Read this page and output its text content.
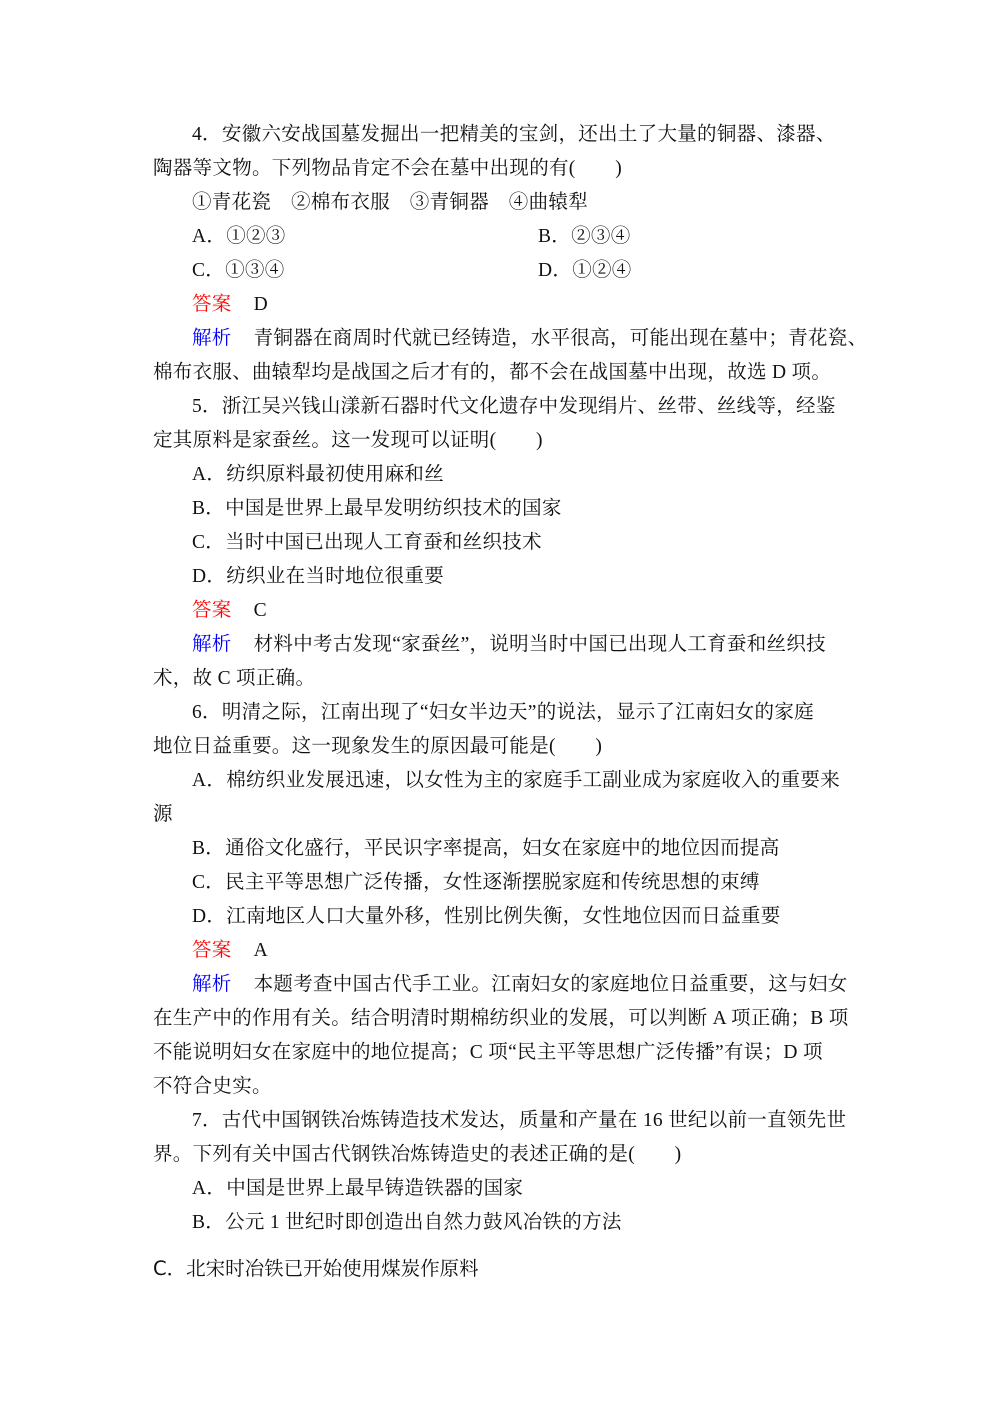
4．安徽六安战国墓发掘出一把精美的宝剑，还出土了大量的铜器、漆器、
陶器等文物。下列物品肯定不会在墓中出现的有(　　)
①青花瓷　②棉布衣服　③青铜器　④曲辕犁
A．①②③	B．②③④
C．①③④	D．①②④
答案 D
解析 青铜器在商周时代就已经铸造，水平很高，可能出现在墓中；青花瓷、
棉布衣服、曲辕犁均是战国之后才有的，都不会在战国墓中出现，故选 D 项。
5．浙江吴兴钱山漾新石器时代文化遗存中发现绢片、丝带、丝线等，经鉴
定其原料是家蚕丝。这一发现可以证明(　　)
A．纺织原料最初使用麻和丝
B．中国是世界上最早发明纺织技术的国家
C．当时中国已出现人工育蚕和丝织技术
D．纺织业在当时地位很重要
答案 C
解析 材料中考古发现“家蚕丝”，说明当时中国已出现人工育蚕和丝织技
术，故 C 项正确。
6．明清之际，江南出现了“妇女半边天”的说法，显示了江南妇女的家庭
地位日益重要。这一现象发生的原因最可能是(　　)
A．棉纺织业发展迅速，以女性为主的家庭手工副业成为家庭收入的重要来
源
B．通俗文化盛行，平民识字率提高，妇女在家庭中的地位因而提高
C．民主平等思想广泛传播，女性逐渐摆脱家庭和传统思想的束缚
D．江南地区人口大量外移，性别比例失衡，女性地位因而日益重要
答案 A
解析 本题考查中国古代手工业。江南妇女的家庭地位日益重要，这与妇女
在生产中的作用有关。结合明清时期棉纺织业的发展，可以判断 A 项正确；B 项
不能说明妇女在家庭中的地位提高；C 项“民主平等思想广泛传播”有误；D 项
不符合史实。
7．古代中国钢铁冶炼铸造技术发达，质量和产量在 16 世纪以前一直领先世
界。下列有关中国古代钢铁冶炼铸造史的表述正确的是(　　)
A．中国是世界上最早铸造铁器的国家
B．公元 1 世纪时即创造出自然力鼓风冶铁的方法
C．北宋时冶铁已开始使用煤炭作原料
